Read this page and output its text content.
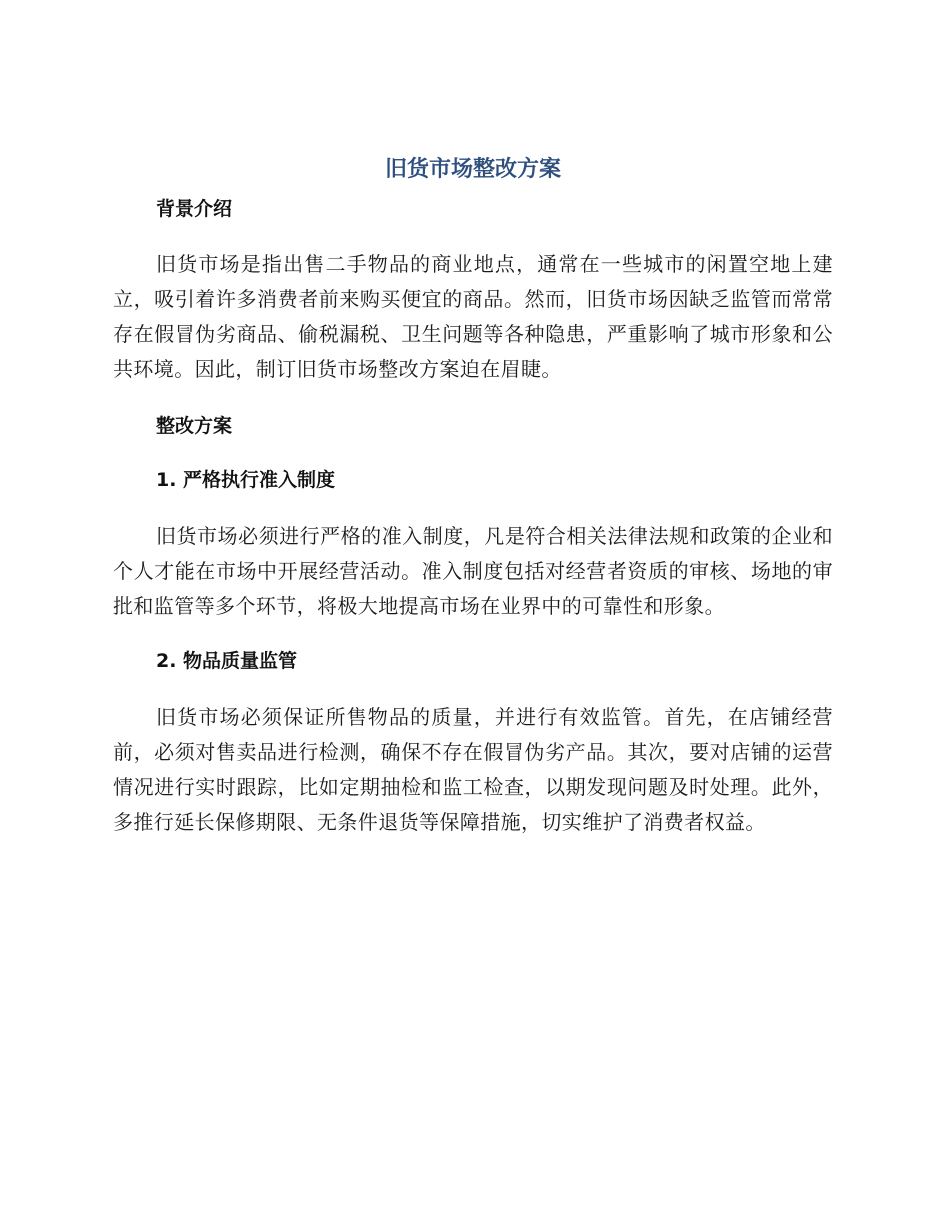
旧货市场整改方案
背景介绍

旧货市场是指出售二手物品的商业地点，通常在一些城市的闲置空地上建立，吸引着许多消费者前来购买便宜的商品。然而，旧货市场因缺乏监管而常常存在假冒伪劣商品、偷税漏税、卫生问题等各种隐患，严重影响了城市形象和公共环境。因此，制订旧货市场整改方案迫在眉睫。

整改方案
1. 严格执行准入制度

旧货市场必须进行严格的准入制度，凡是符合相关法律法规和政策的企业和个人才能在市场中开展经营活动。准入制度包括对经营者资质的审核、场地的审批和监管等多个环节，将极大地提高市场在业界中的可靠性和形象。

2. 物品质量监管

旧货市场必须保证所售物品的质量，并进行有效监管。首先，在店铺经营前，必须对售卖品进行检测，确保不存在假冒伪劣产品。其次，要对店铺的运营情况进行实时跟踪，比如定期抽检和监工检查，以期发现问题及时处理。此外，多推行延长保修期限、无条件退货等保障措施，切实维护了消费者权益。
